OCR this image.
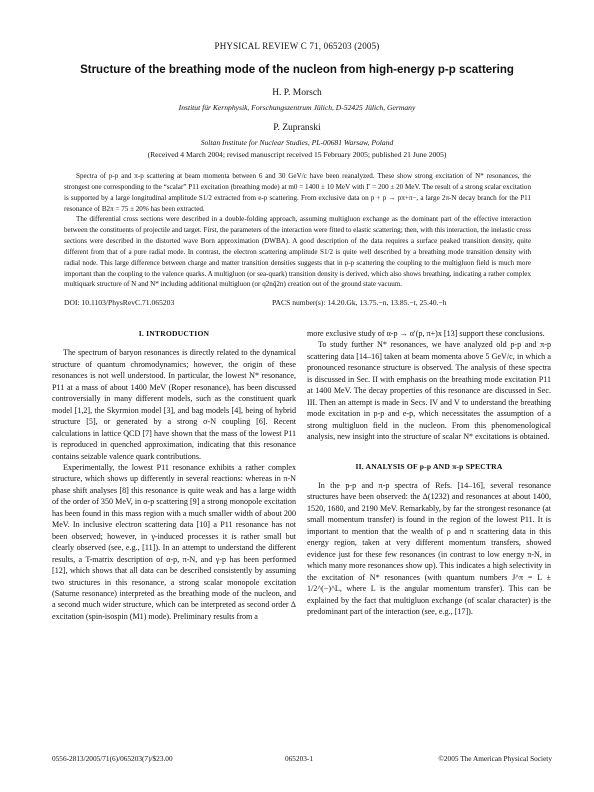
PHYSICAL REVIEW C 71, 065203 (2005)
Structure of the breathing mode of the nucleon from high-energy p-p scattering
H. P. Morsch
Institut für Kernphysik, Forschungszentrum Jülich, D-52425 Jülich, Germany
P. Zupranski
Soltan Institute for Nuclear Studies, PL-00681 Warsaw, Poland
(Received 4 March 2004; revised manuscript received 15 February 2005; published 21 June 2005)

Spectra of p-p and π-p scattering at beam momenta between 6 and 30 GeV/c have been reanalyzed. These show strong excitation of N* resonances, the strongest one corresponding to the “scalar” P11 excitation (breathing mode) at m0 = 1400 ± 10 MeV with Γ = 200 ± 20 MeV. The result of a strong scalar excitation is supported by a large longitudinal amplitude S1/2 extracted from e-p scattering. From exclusive data on p + p → pπ+π−, a large 2π-N decay branch for the P11 resonance of B2π = 75 ± 20% has been extracted.

The differential cross sections were described in a double-folding approach, assuming multigluon exchange as the dominant part of the effective interaction between the constituents of projectile and target. First, the parameters of the interaction were fitted to elastic scattering; then, with this interaction, the inelastic cross sections were described in the distorted wave Born approximation (DWBA). A good description of the data requires a surface peaked transition density, quite different from that of a pure radial mode. In contrast, the electron scattering amplitude S1/2 is quite well described by a breathing mode transition density with radial node. This large difference between charge and matter transition densities suggests that in p-p scattering the coupling to the multigluon field is much more important than the coupling to the valence quarks. A multigluon (or sea-quark) transition density is derived, which also shows breathing, indicating a rather complex multiquark structure of N and N* including additional multigluon (or q2nq̄2n) creation out of the ground state vacuum.

DOI: 10.1103/PhysRevC.71.065203	PACS number(s): 14.20.Gk, 13.75.−n, 13.85.−t, 25.40.−h
I. INTRODUCTION

The spectrum of baryon resonances is directly related to the dynamical structure of quantum chromodynamics; however, the origin of these resonances is not well understood. In particular, the lowest N* resonance, P11 at a mass of about 1400 MeV (Roper resonance), has been discussed controversially in many different models, such as the constituent quark model [1,2], the Skyrmion model [3], and bag models [4], being of hybrid structure [5], or generated by a strong σ-N coupling [6]. Recent calculations in lattice QCD [7] have shown that the mass of the lowest P11 is reproduced in quenched approximation, indicating that this resonance contains seizable valence quark contributions.

Experimentally, the lowest P11 resonance exhibits a rather complex structure, which shows up differently in several reactions: whereas in π-N phase shift analyses [8] this resonance is quite weak and has a large width of the order of 350 MeV, in α-p scattering [9] a strong monopole excitation has been found in this mass region with a much smaller width of about 200 MeV. In inclusive electron scattering data [10] a P11 resonance has not been observed; however, in γ-induced processes it is rather small but clearly observed (see, e.g., [11]). In an attempt to understand the different results, a T-matrix description of α-p, π-N, and γ-p has been performed [12], which shows that all data can be described consistently by assuming two structures in this resonance, a strong scalar monopole excitation (Saturne resonance) interpreted as the breathing mode of the nucleon, and a second much wider structure, which can be interpreted as second order Δ excitation (spin-isospin (M1) mode). Preliminary results from a

more exclusive study of α-p → α′(p, π+)x [13] support these conclusions.

To study further N* resonances, we have analyzed old p-p and π-p scattering data [14–16] taken at beam momenta above 5 GeV/c, in which a pronounced resonance structure is observed. The analysis of these spectra is discussed in Sec. II with emphasis on the breathing mode excitation P11 at 1400 MeV. The decay properties of this resonance are discussed in Sec. III. Then an attempt is made in Secs. IV and V to understand the breathing mode excitation in p-p and e-p, which necessitates the assumption of a strong multigluon field in the nucleon. From this phenomenological analysis, new insight into the structure of scalar N* excitations is obtained.

II. ANALYSIS OF p-p AND π-p SPECTRA

In the p-p and π-p spectra of Refs. [14–16], several resonance structures have been observed: the Δ(1232) and resonances at about 1400, 1520, 1680, and 2190 MeV. Remarkably, by far the strongest resonance (at small momentum transfer) is found in the region of the lowest P11. It is important to mention that the wealth of ρ and π scattering data in this energy region, taken at very different momentum transfers, showed evidence just for these few resonances (in contrast to low energy π-N, in which many more resonances show up). This indicates a high selectivity in the excitation of N* resonances (with quantum numbers J^π = L ± 1/2^(−)^L, where L is the angular momentum transfer). This can be explained by the fact that multigluon exchange (of scalar character) is the predominant part of the interaction (see, e.g., [17]).

0556-2813/2005/71(6)/065203(7)/$23.00	065203-1	©2005 The American Physical Society
